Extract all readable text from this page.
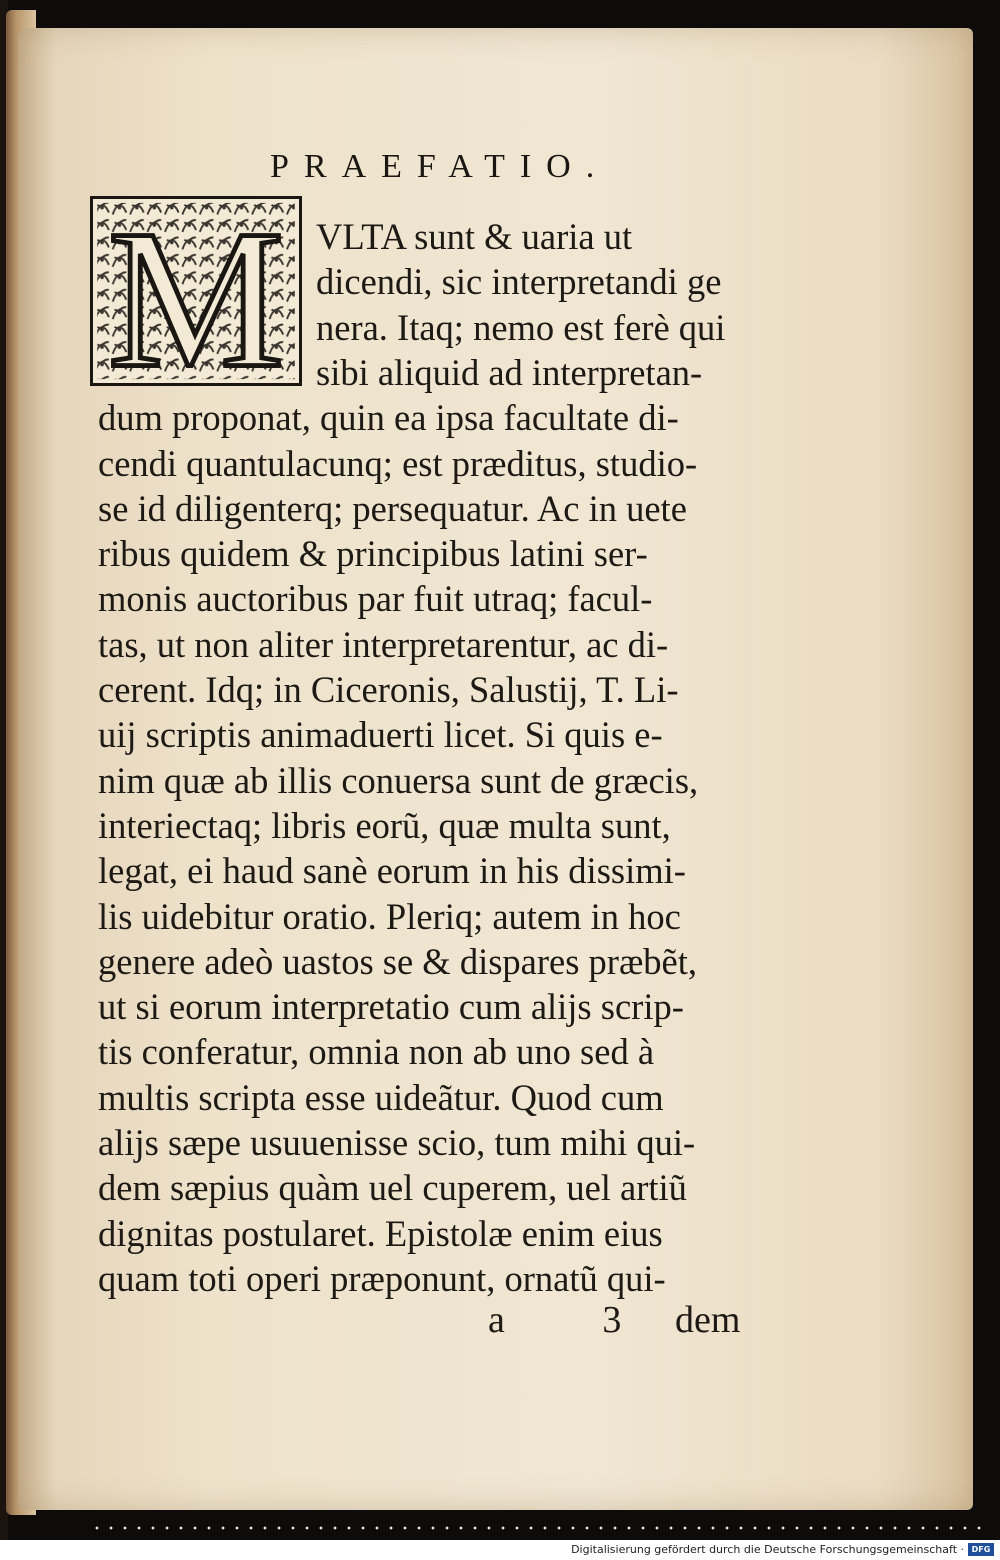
PRAEFATIO.
M VLTA sunt & uaria ut
dicendi, sic interpretandi ge
nera. Itaq; nemo est ferè qui
sibi aliquid ad interpretan-
dum proponat, quin ea ipsa facultate di-
cendi quantulacunq; est præditus, studio-
se id diligenterq; persequatur. Ac in uete
ribus quidem & principibus latini ser-
monis auctoribus par fuit utraq; facul-
tas, ut non aliter interpretarentur, ac di-
cerent. Idq; in Ciceronis, Salustij, T. Li-
uij scriptis animaduerti licet. Si quis e-
nim quæ ab illis conuersa sunt de græcis,
interiectaq; libris eorũ, quæ multa sunt,
legat, ei haud sanè eorum in his dissimi-
lis uidebitur oratio. Pleriq; autem in hoc
genere adeò uastos se & dispares præbẽt,
ut si eorum interpretatio cum alijs scrip-
tis conferatur, omnia non ab uno sed à
multis scripta esse uideãtur. Quod cum
alijs sæpe usuuenisse scio, tum mihi qui-
dem sæpius quàm uel cuperem, uel artiũ
dignitas postularet. Epistolæ enim eius
quam toti operi præponunt, ornatũ qui-
a 3 dem
Digitalisierung gefördert durch die Deutsche Forschungsgemeinschaft · DFG
